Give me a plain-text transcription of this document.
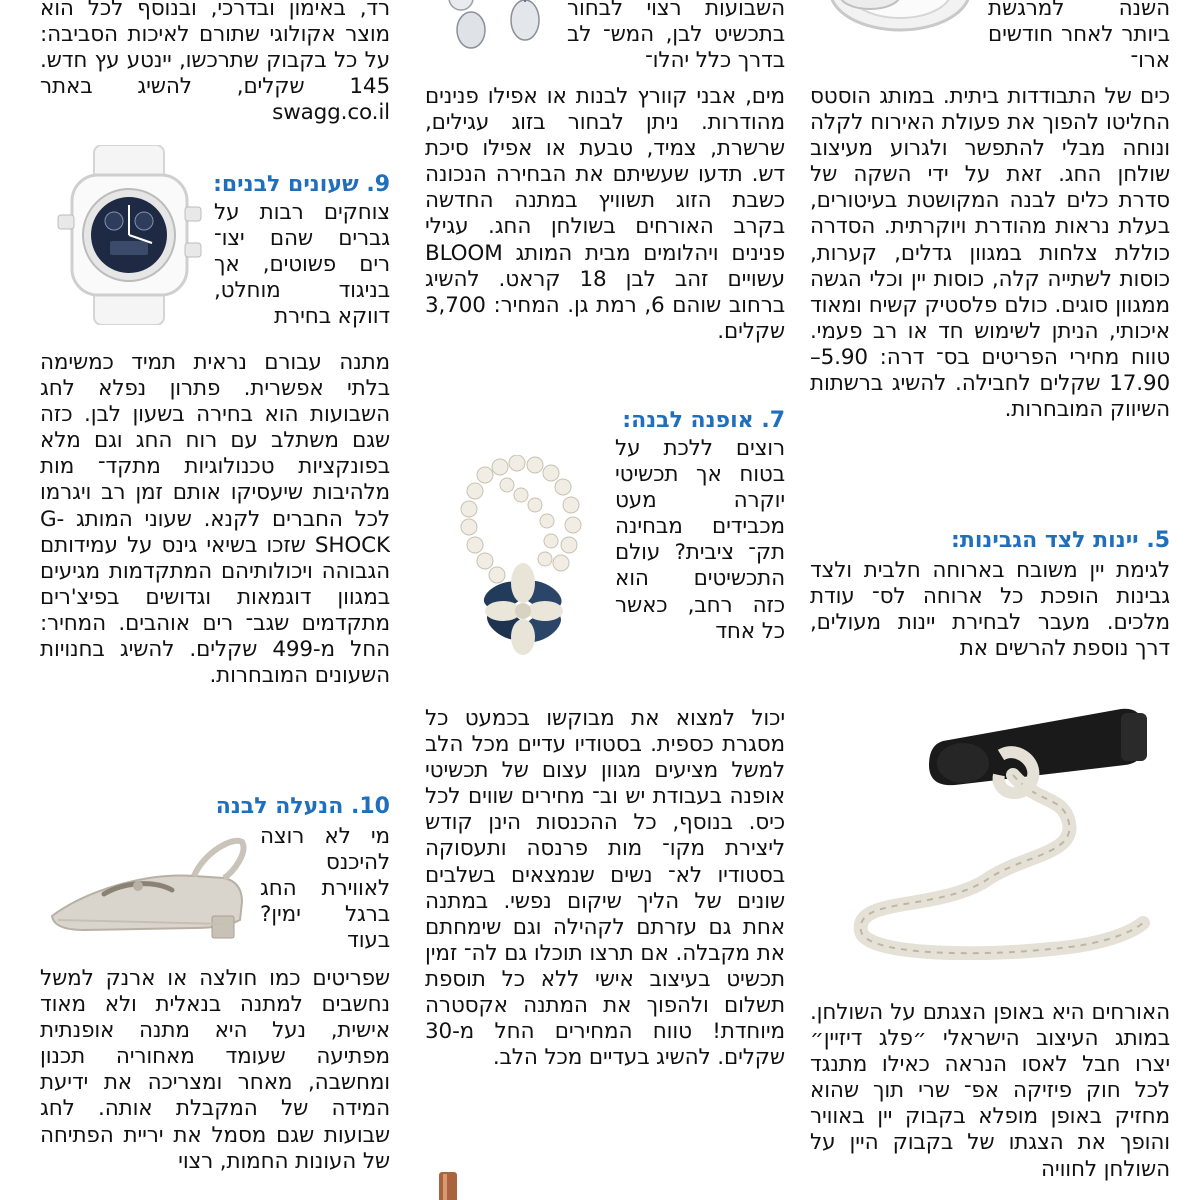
השנה למרגשת ביותר לאחר חודשים ארו־
כים של התבודדות ביתית. במותג הוסטס החליטו להפוך את פעולת האירוח לקלה ונוחה מבלי להתפשר ולגרוע מעיצוב שולחן החג. זאת על ידי השקה של סדרת כלים לבנה המקושטת בעיטורים, בעלת נראות מהודרת ויוקרתית. הסדרה כוללת צלחות במגוון גדלים, קערות, כוסות לשתייה קלה, כוסות יין וכלי הגשה ממגוון סוגים. כולם פלסטיק קשיח ומאוד איכותי, הניתן לשימוש חד או רב פעמי. טווח מחירי הפריטים בס־ דרה: 5.90–17.90 שקלים לחבילה. להשיג ברשתות השיווק המובחרות.
5. יינות לצד הגבינות:
לגימת יין משובח בארוחה חלבית ולצד גבינות הופכת כל ארוחה לס־ עודת מלכים. מעבר לבחירת יינות מעולים, דרך נוספת להרשים את
האורחים היא באופן הצגתם על השולחן. במותג העיצוב הישראלי ״פלג דיזיין״ יצרו חבל לאסו הנראה כאילו מתנגד לכל חוק פיזיקה אפ־ שרי תוך שהוא מחזיק באופן מופלא בקבוק יין באוויר והופך את הצגתו של בקבוק היין על השולחן לחוויה
השבועות רצוי לבחור בתכשיט לבן, המש־ לב בדרך כלל יהלו־
מים, אבני קוורץ לבנות או אפילו פנינים מהודרות. ניתן לבחור בזוג עגילים, שרשרת, צמיד, טבעת או אפילו סיכת דש. תדעו שעשיתם את הבחירה הנכונה כשבת הזוג תשוויץ במתנה החדשה בקרב האורחים בשולחן החג. עגילי פנינים ויהלומים מבית המותג BLOOM עשויים זהב לבן 18 קראט. להשיג ברחוב שוהם 6, רמת גן. המחיר: 3,700 שקלים.
7. אופנה לבנה:
רוצים ללכת על בטוח אך תכשיטי יוקרה מעט מכבידים מבחינה תק־ ציבית? עולם התכשיטים הוא כזה רחב, כאשר כל אחד
יכול למצוא את מבוקשו בכמעט כל מסגרת כספית. בסטודיו עדיים מכל הלב למשל מציעים מגוון עצום של תכשיטי אופנה בעבודת יש וב־ מחירים שווים לכל כיס. בנוסף, כל ההכנסות הינן קודש ליצירת מקו־ מות פרנסה ותעסוקה בסטודיו לא־ נשים שנמצאים בשלבים שונים של הליך שיקום נפשי. במתנה אחת גם עזרתם לקהילה וגם שימחתם את מקבלה. אם תרצו תוכלו גם לה־ זמין תכשיט בעיצוב אישי ללא כל תוספת תשלום ולהפוך את המתנה אקסטרה מיוחדת! טווח המחירים החל מ-30 שקלים. להשיג בעדיים מכל הלב.
רד, באימון ובדרכי, ובנוסף לכל הוא מוצר אקולוגי שתורם לאיכות הסביבה: על כל בקבוק שתרכשו, יינטע עץ חדש. 145 שקלים, להשיג באתר swagg.co.il
9. שעונים לבנים:
צוחקים רבות על גברים שהם יצו־ רים פשוטים, אך בניגוד מוחלט, דווקא בחירת
מתנה עבורם נראית תמיד כמשימה בלתי אפשרית. פתרון נפלא לחג השבועות הוא בחירה בשעון לבן. כזה שגם משתלב עם רוח החג וגם מלא בפונקציות טכנולוגיות מתקד־ מות מלהיבות שיעסיקו אותם זמן רב ויגרמו לכל החברים לקנא. שעוני המותג G-SHOCK שזכו בשיאי גינס על עמידותם הגבוהה ויכולותיהם המתקדמות מגיעים במגוון דוגמאות וגדושים בפיצ'רים מתקדמים שגב־ רים אוהבים. המחיר: החל מ-499 שקלים. להשיג בחנויות השעונים המובחרות.
10. הנעלה לבנה
מי לא רוצה להיכנס לאווירת החג ברגל ימין? בעוד
שפריטים כמו חולצה או ארנק למשל נחשבים למתנה בנאלית ולא מאוד אישית, נעל היא מתנה אופנתית מפתיעה שעומד מאחוריה תכנון ומחשבה, מאחר ומצריכה את ידיעת המידה של המקבלת אותה. לחג שבועות שגם מסמל את יריית הפתיחה של העונות החמות, רצוי
